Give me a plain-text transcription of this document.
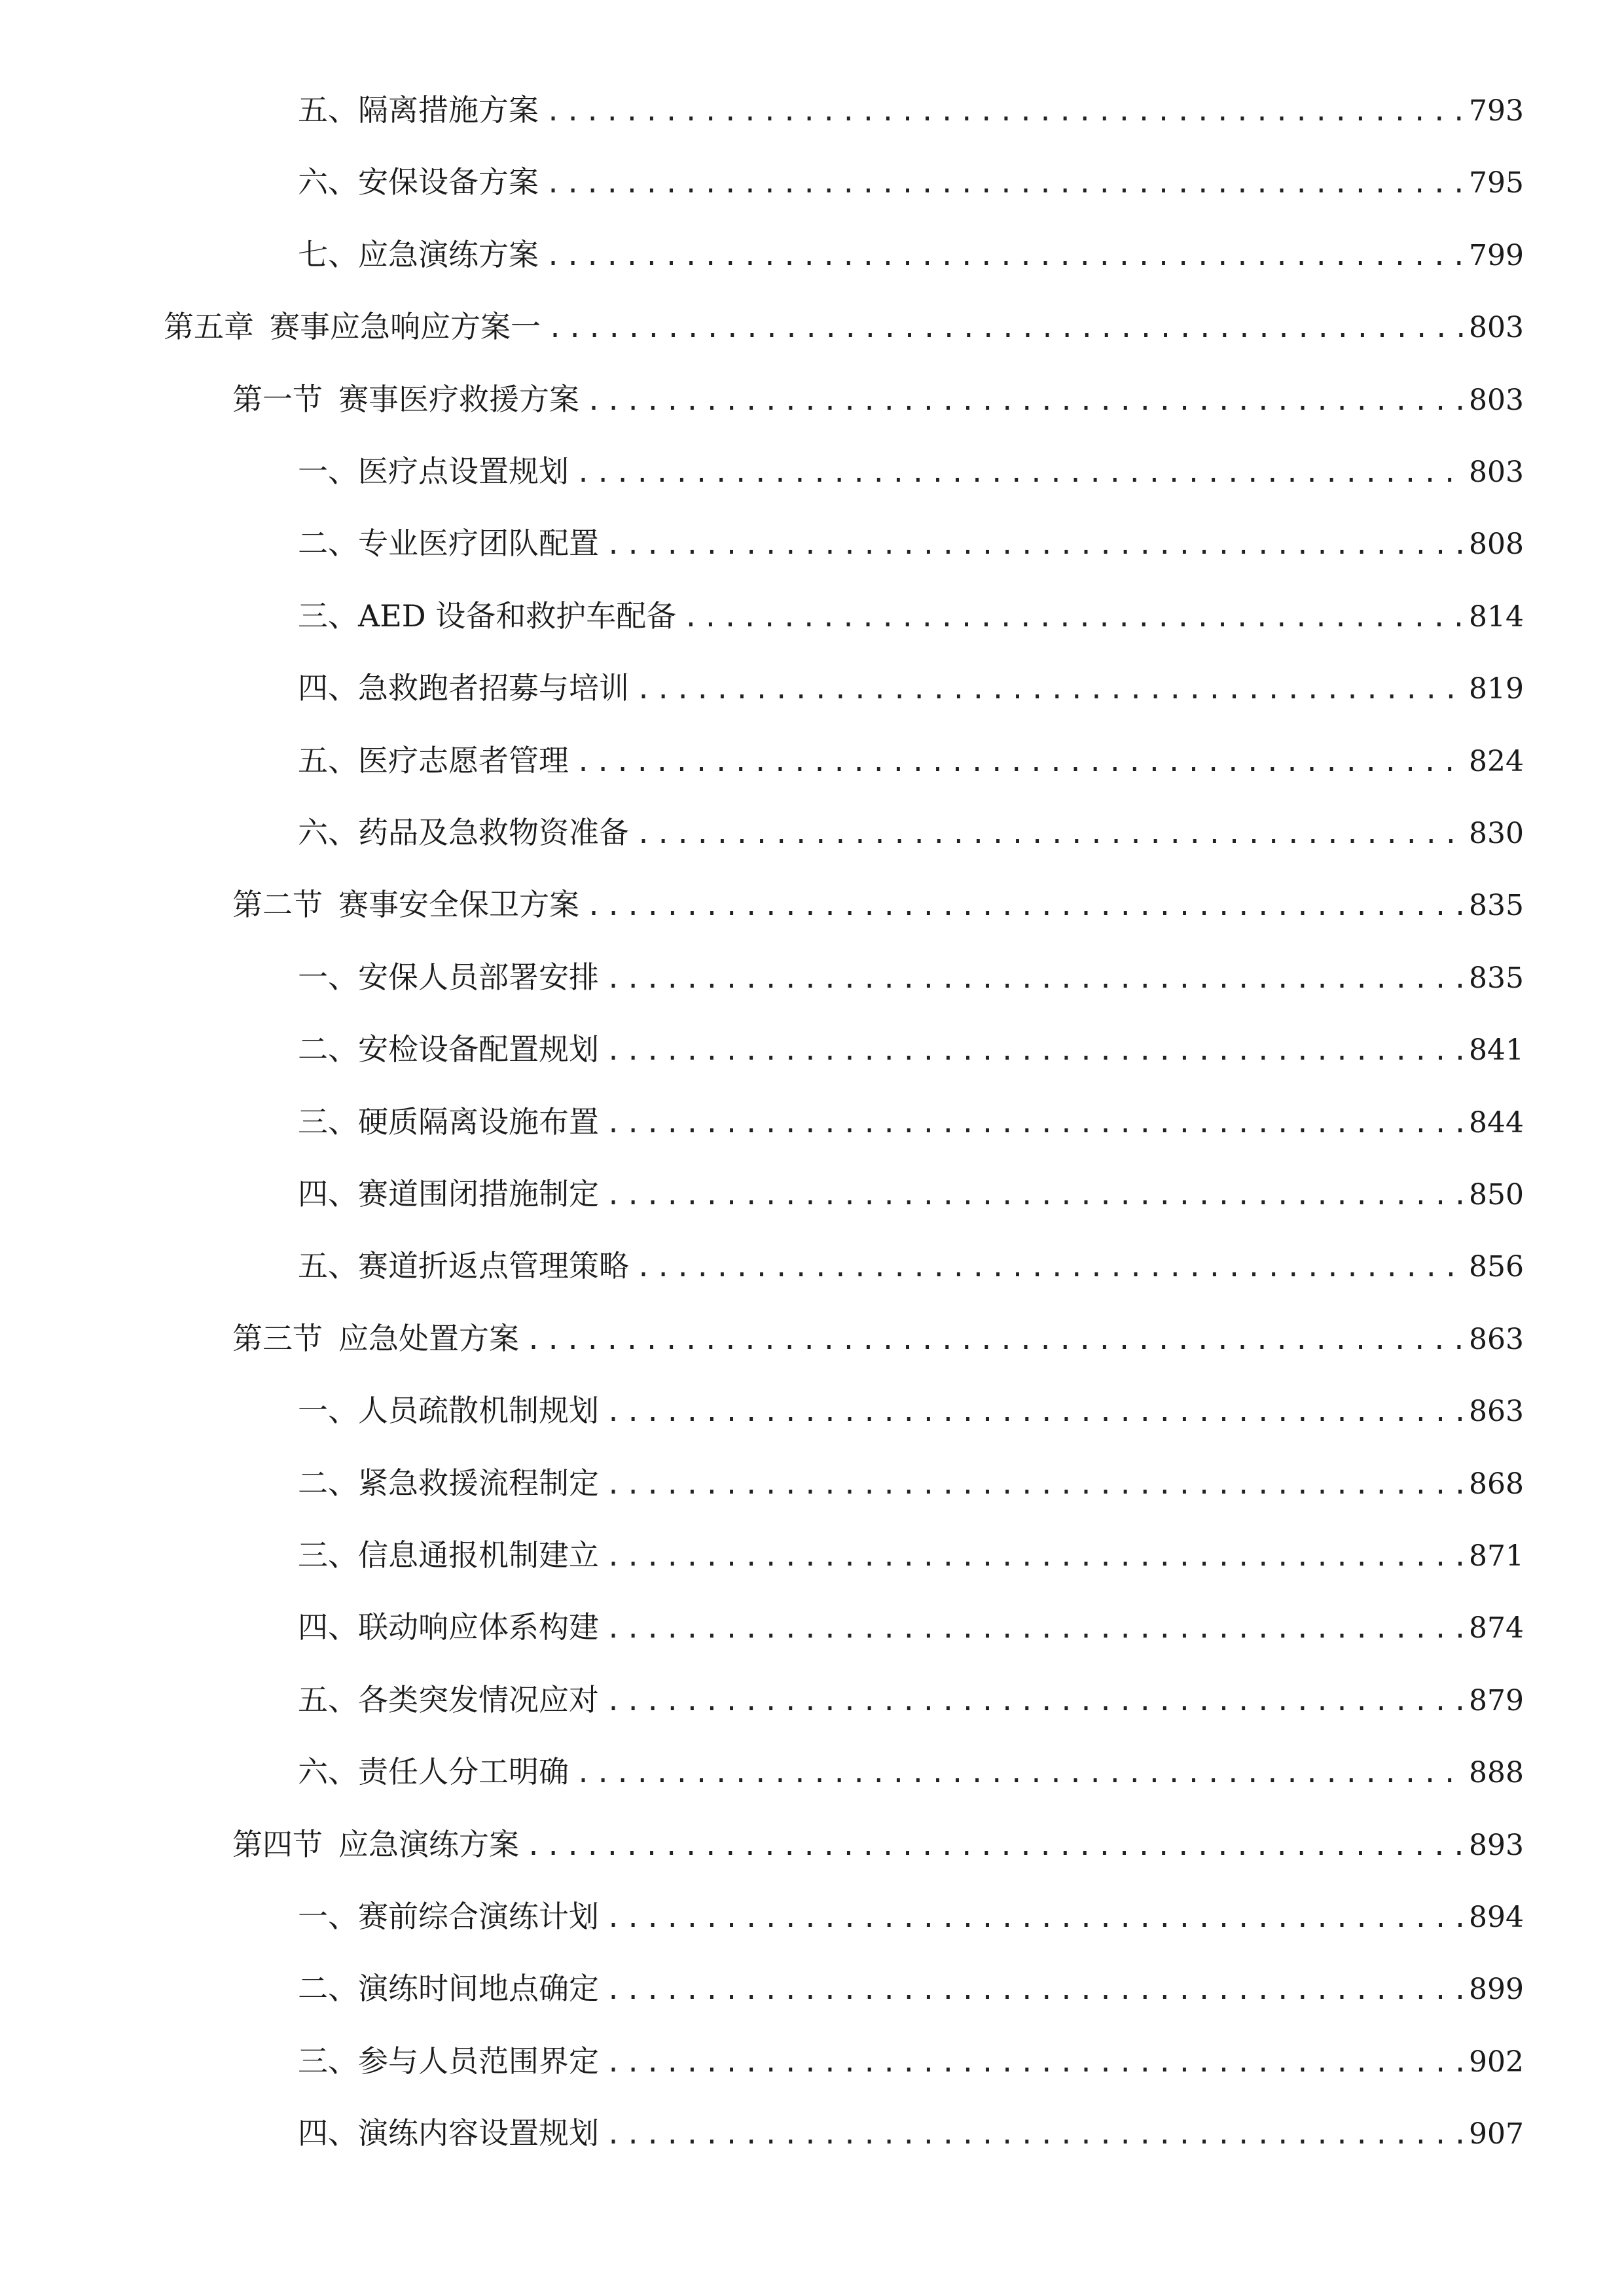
五、 隔离措施方案 .....	793
六、 安保设备方案 .....	795
七、 应急演练方案 .....	799
第五章 赛事应急响应方案一 .....	803
第一节 赛事医疗救援方案 .....	803
一、 医疗点设置规划 .....	803
二、 专业医疗团队配置 .....	808
三、 AED 设备和救护车配备 .....	814
四、 急救跑者招募与培训 .....	819
五、 医疗志愿者管理 .....	824
六、 药品及急救物资准备 .....	830
第二节 赛事安全保卫方案 .....	835
一、 安保人员部署安排 .....	835
二、 安检设备配置规划 .....	841
三、 硬质隔离设施布置 .....	844
四、 赛道围闭措施制定 .....	850
五、 赛道折返点管理策略 .....	856
第三节 应急处置方案 .....	863
一、 人员疏散机制规划 .....	863
二、 紧急救援流程制定 .....	868
三、 信息通报机制建立 .....	871
四、 联动响应体系构建 .....	874
五、 各类突发情况应对 .....	879
六、 责任人分工明确 .....	888
第四节 应急演练方案 .....	893
一、 赛前综合演练计划 .....	894
二、 演练时间地点确定 .....	899
三、 参与人员范围界定 .....	902
四、 演练内容设置规划 .....	907
